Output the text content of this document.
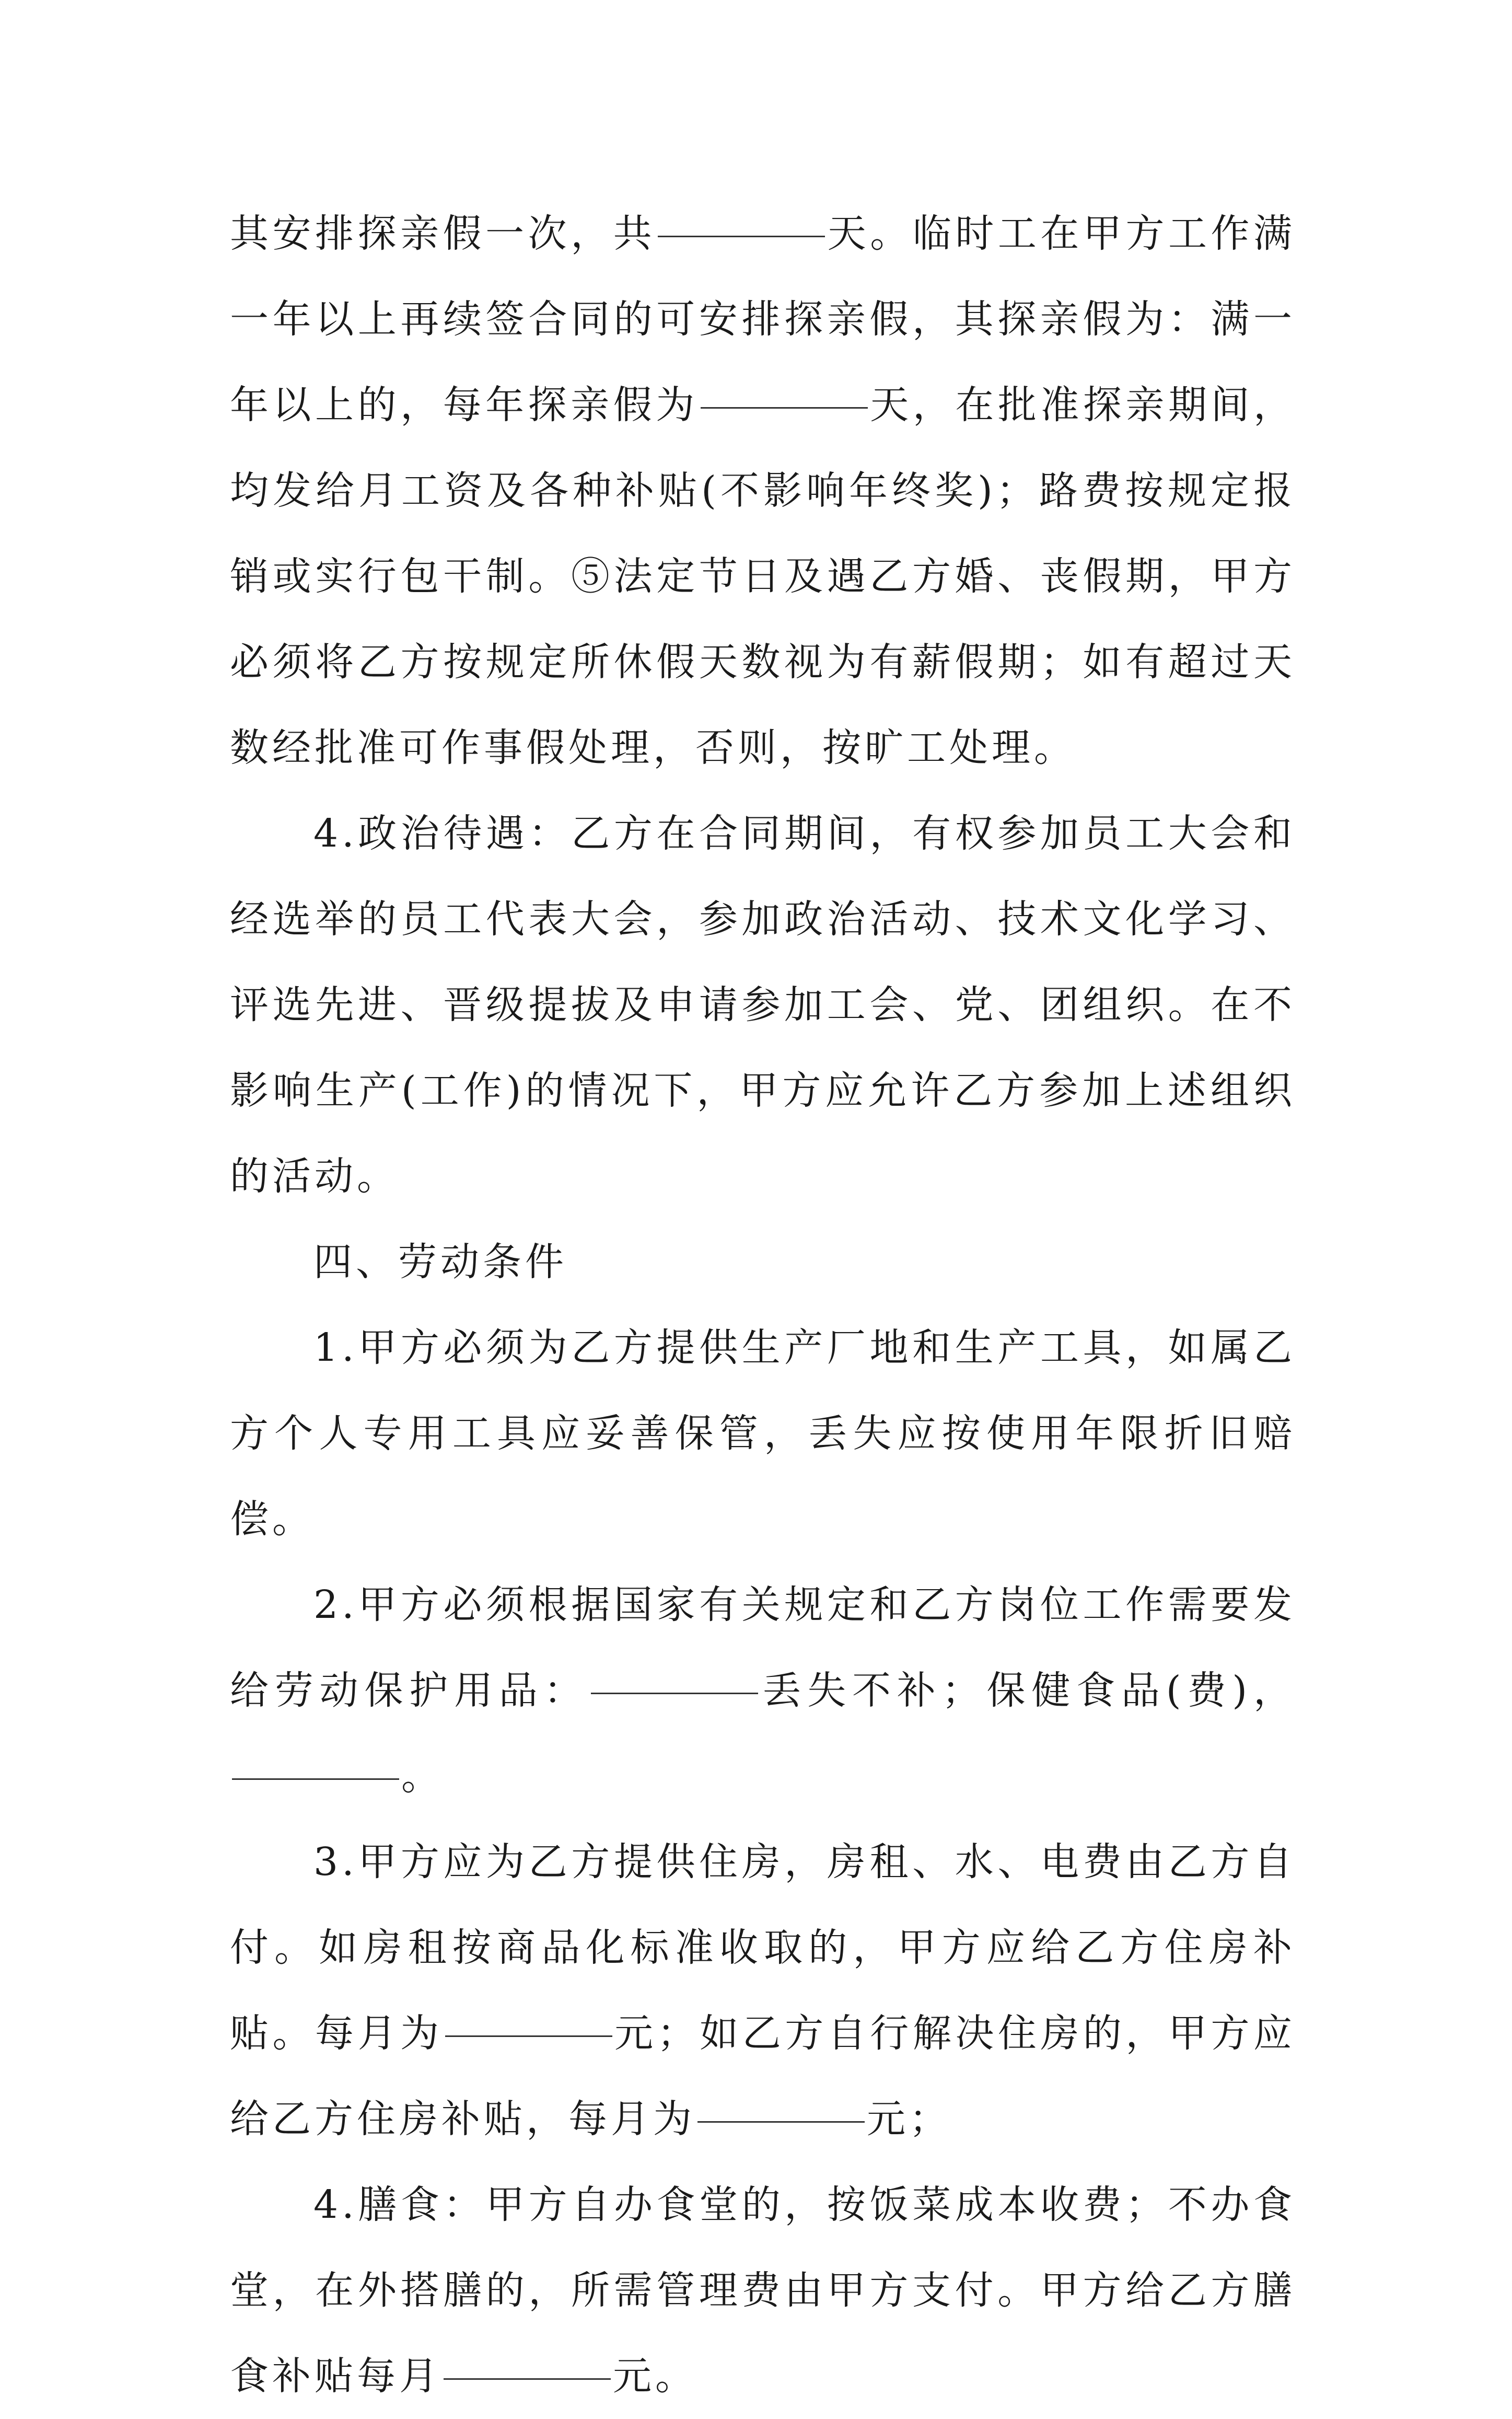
其安排探亲假一次，共	天。临时工在甲方工作满一年以上再续签合同的可安排探亲假，其探亲假为：满一年以上的，每年探亲假为	天，在批准探亲期间，均发给月工资及各种补贴(不影响年终奖)；路费按规定报销或实行包干制。⑤法定节日及遇乙方婚、丧假期，甲方必须将乙方按规定所休假天数视为有薪假期；如有超过天数经批准可作事假处理，否则，按旷工处理。

4.政治待遇：乙方在合同期间，有权参加员工大会和经选举的员工代表大会，参加政治活动、技术文化学习、评选先进、晋级提拔及申请参加工会、党、团组织。在不影响生产(工作)的情况下，甲方应允许乙方参加上述组织的活动。

四、劳动条件

1.甲方必须为乙方提供生产厂地和生产工具，如属乙方个人专用工具应妥善保管，丢失应按使用年限折旧赔偿。

2.甲方必须根据国家有关规定和乙方岗位工作需要发给劳动保护用品：	丢失不补；保健食品(费)，。

3.甲方应为乙方提供住房，房租、水、电费由乙方自付。如房租按商品化标准收取的，甲方应给乙方住房补贴。每月为	元；如乙方自行解决住房的，甲方应给乙方住房补贴，每月为	元；

4.膳食：甲方自办食堂的，按饭菜成本收费；不办食堂，在外搭膳的，所需管理费由甲方支付。甲方给乙方膳食补贴每月	元。
